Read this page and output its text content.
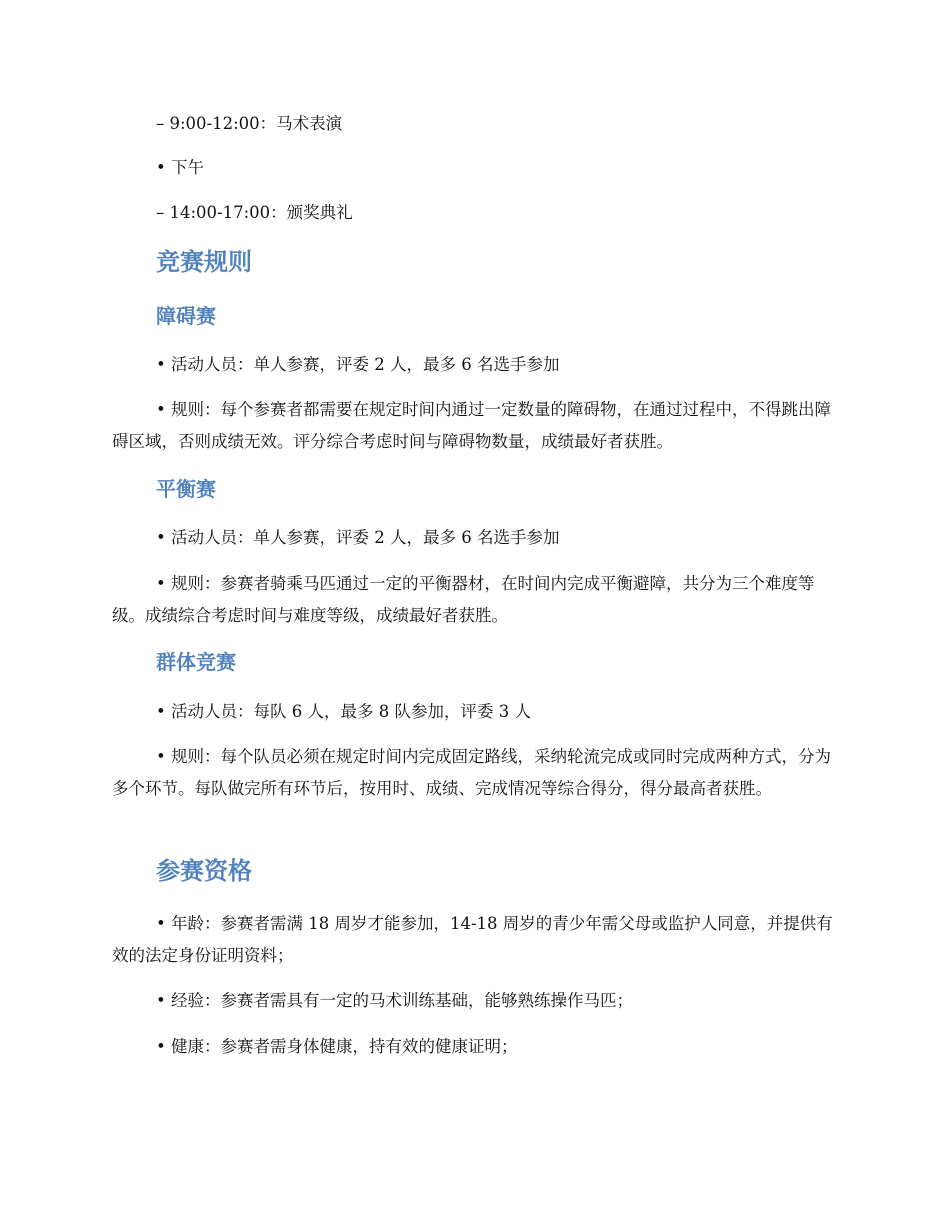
– 9:00-12:00：马术表演
• 下午
– 14:00-17:00：颁奖典礼
竞赛规则
障碍赛
• 活动人员：单人参赛，评委 2 人，最多 6 名选手参加
• 规则：每个参赛者都需要在规定时间内通过一定数量的障碍物，在通过过程中，不得跳出障碍区域，否则成绩无效。评分综合考虑时间与障碍物数量，成绩最好者获胜。
平衡赛
• 活动人员：单人参赛，评委 2 人，最多 6 名选手参加
• 规则：参赛者骑乘马匹通过一定的平衡器材，在时间内完成平衡避障，共分为三个难度等级。成绩综合考虑时间与难度等级，成绩最好者获胜。
群体竞赛
• 活动人员：每队 6 人，最多 8 队参加，评委 3 人
• 规则：每个队员必须在规定时间内完成固定路线，采纳轮流完成或同时完成两种方式，分为多个环节。每队做完所有环节后，按用时、成绩、完成情况等综合得分，得分最高者获胜。
参赛资格
• 年龄：参赛者需满 18 周岁才能参加，14-18 周岁的青少年需父母或监护人同意，并提供有效的法定身份证明资料；
• 经验：参赛者需具有一定的马术训练基础，能够熟练操作马匹；
• 健康：参赛者需身体健康，持有效的健康证明；
